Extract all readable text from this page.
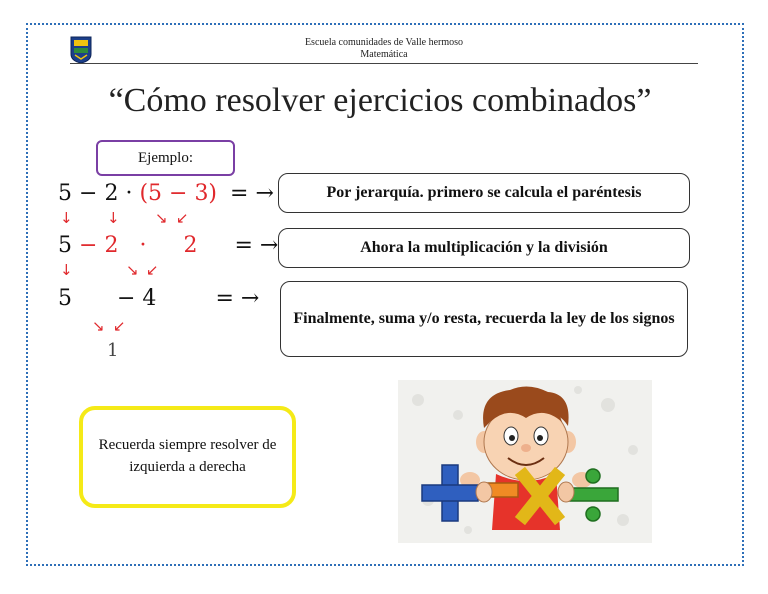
Escuela comunidades de Valle hermoso
Matemática
“Cómo resolver ejercicios combinados”
Ejemplo:
5 − 2 · (5 − 3) = →
↓ ↓ ↘ ↙
5 − 2 · 2 = →
↓	↘ ↙
5 − 4	= →
↘ ↙
1
Por jerarquía. primero se calcula el paréntesis
Ahora la multiplicación y la división
Finalmente, suma y/o resta, recuerda la ley de los signos
Recuerda siempre resolver de izquierda a derecha
